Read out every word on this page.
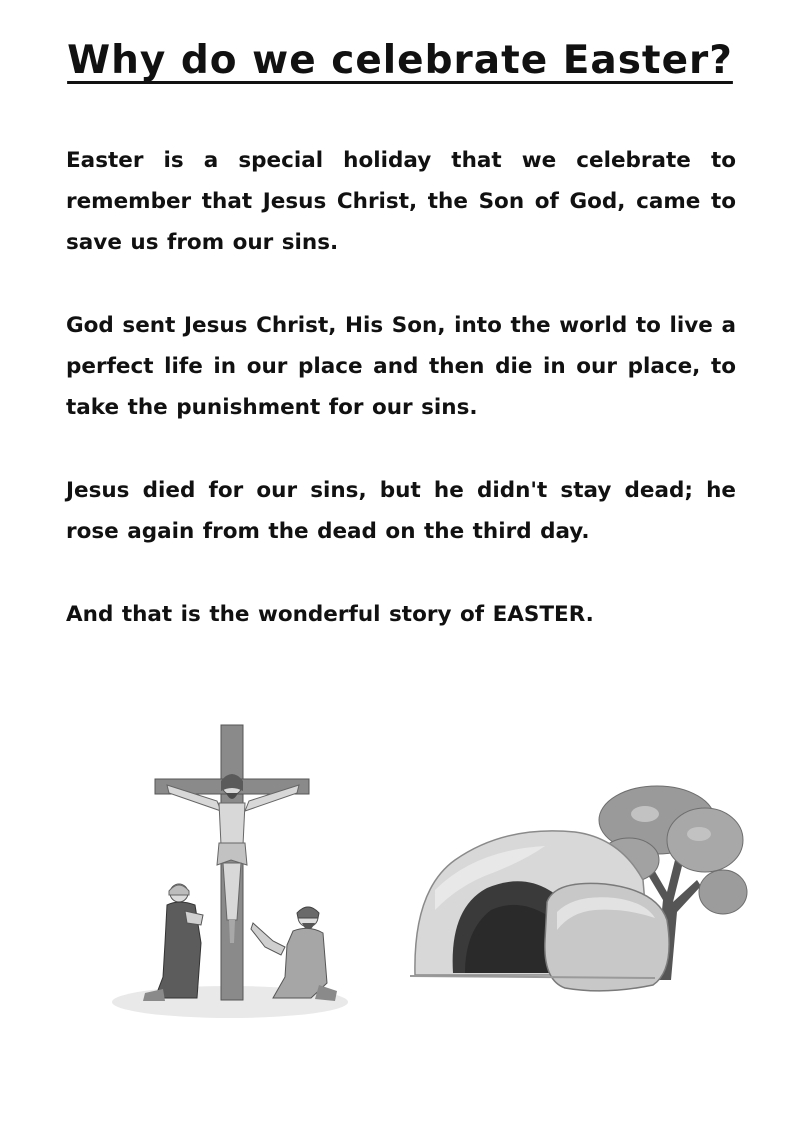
Why do we celebrate Easter?

Easter is a special holiday that we celebrate to remember that Jesus Christ, the Son of God, came to save us from our sins.

God sent Jesus Christ, His Son, into the world to live a perfect life in our place and then die in our place, to take the punishment for our sins.

Jesus died for our sins, but he didn't stay dead; he rose again from the dead on the third day.

And that is the wonderful story of EASTER.
